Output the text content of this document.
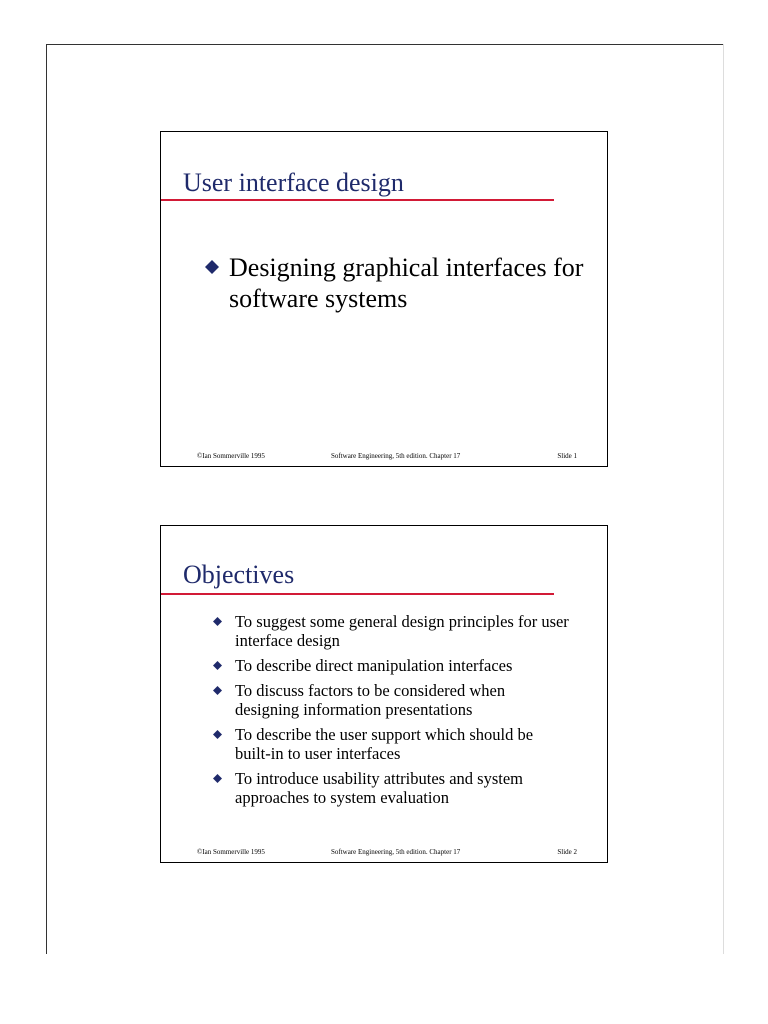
User interface design
Designing graphical interfaces for software systems
©Ian Sommerville 1995	Software Engineering, 5th edition. Chapter 17	Slide 1
Objectives
To suggest some general design principles for user interface design
To describe direct manipulation interfaces
To discuss factors to be considered when designing information presentations
To describe the user support which should be built-in to user interfaces
To introduce usability attributes and system approaches to system evaluation
©Ian Sommerville 1995	Software Engineering, 5th edition. Chapter 17	Slide 2
